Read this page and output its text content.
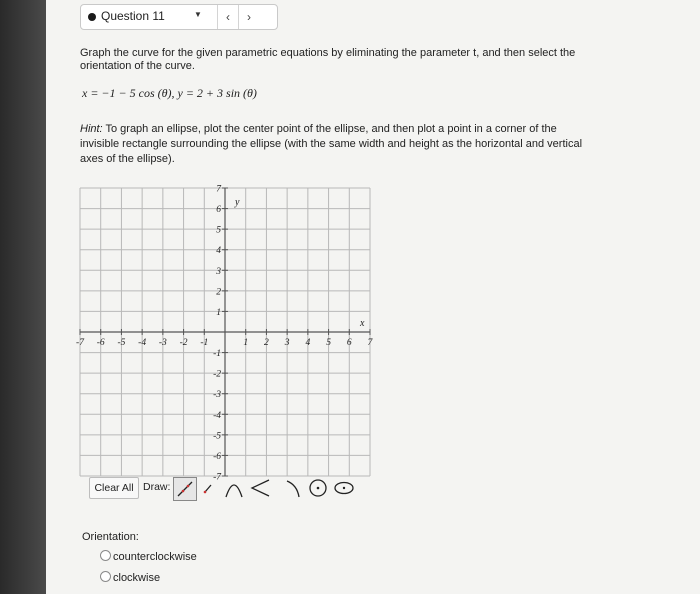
Question 11	▼	‹	›
Graph the curve for the given parametric equations by eliminating the parameter t, and then select the orientation of the curve.
x = −1 − 5 cos (θ), y = 2 + 3 sin (θ)
Hint: To graph an ellipse, plot the center point of the ellipse, and then plot a point in a corner of the invisible rectangle surrounding the ellipse (with the same width and height as the horizontal and vertical axes of the ellipse).
-7 -6 -5 -4 -3 -2 -1	1 2 3 4 5 6 7
7
6
5
4
3
2
1
-1
-2
-3
-4
-5
-6
-7
x
y
Clear All Draw:
Orientation:
counterclockwise
clockwise
